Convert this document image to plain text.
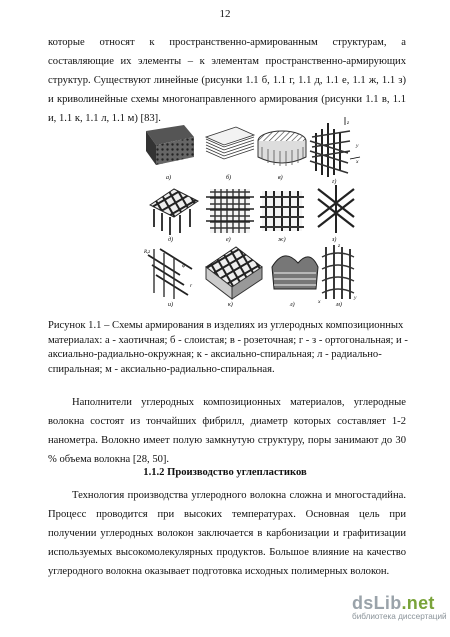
12

которые относят к пространственно-армированным структурам, а составляющие их элементы – к элементам пространственно-армирующих структур. Существуют линейные (рисунки 1.1 б, 1.1 г, 1.1 д, 1.1 е, 1.1 ж, 1.1 з) и криволинейные схемы многонаправленного армирования (рисунки 1.1 в, 1.1 и, 1.1 к, 1.1 л, 1.1 м) [83].

а)	б)	в)
г)
д)	е)	ж)	з)
и)	к)	л)	м)
z
y
x
R,z
φ
r
z
x
y

Рисунок 1.1 – Схемы армирования в изделиях из углеродных композиционных материалах: а - хаотичная; б - слоистая; в - розеточная; г - з - ортогональная; и - аксиально-радиально-окружная; к - аксиально-спиральная; л - радиально-спиральная; м - аксиально-радиально-спиральная.

Наполнители углеродных композиционных материалов, углеродные волокна состоят из тончайших фибрилл, диаметр которых составляет 1-2 нанометра. Волокно имеет полую замкнутую структуру, поры занимают до 30 % объема волокна [28, 50].

1.1.2 Производство углепластиков

Технология производства углеродного волокна сложна и многостадийна. Процесс проводится при высоких температурах. Основная цель при получении углеродных волокон заключается в карбонизации и графитизации используемых высокомолекулярных продуктов. Большое влияние на качество углеродного волокна оказывает подготовка исходных полимерных волокон.

dsLib.net
библиотека диссертаций
